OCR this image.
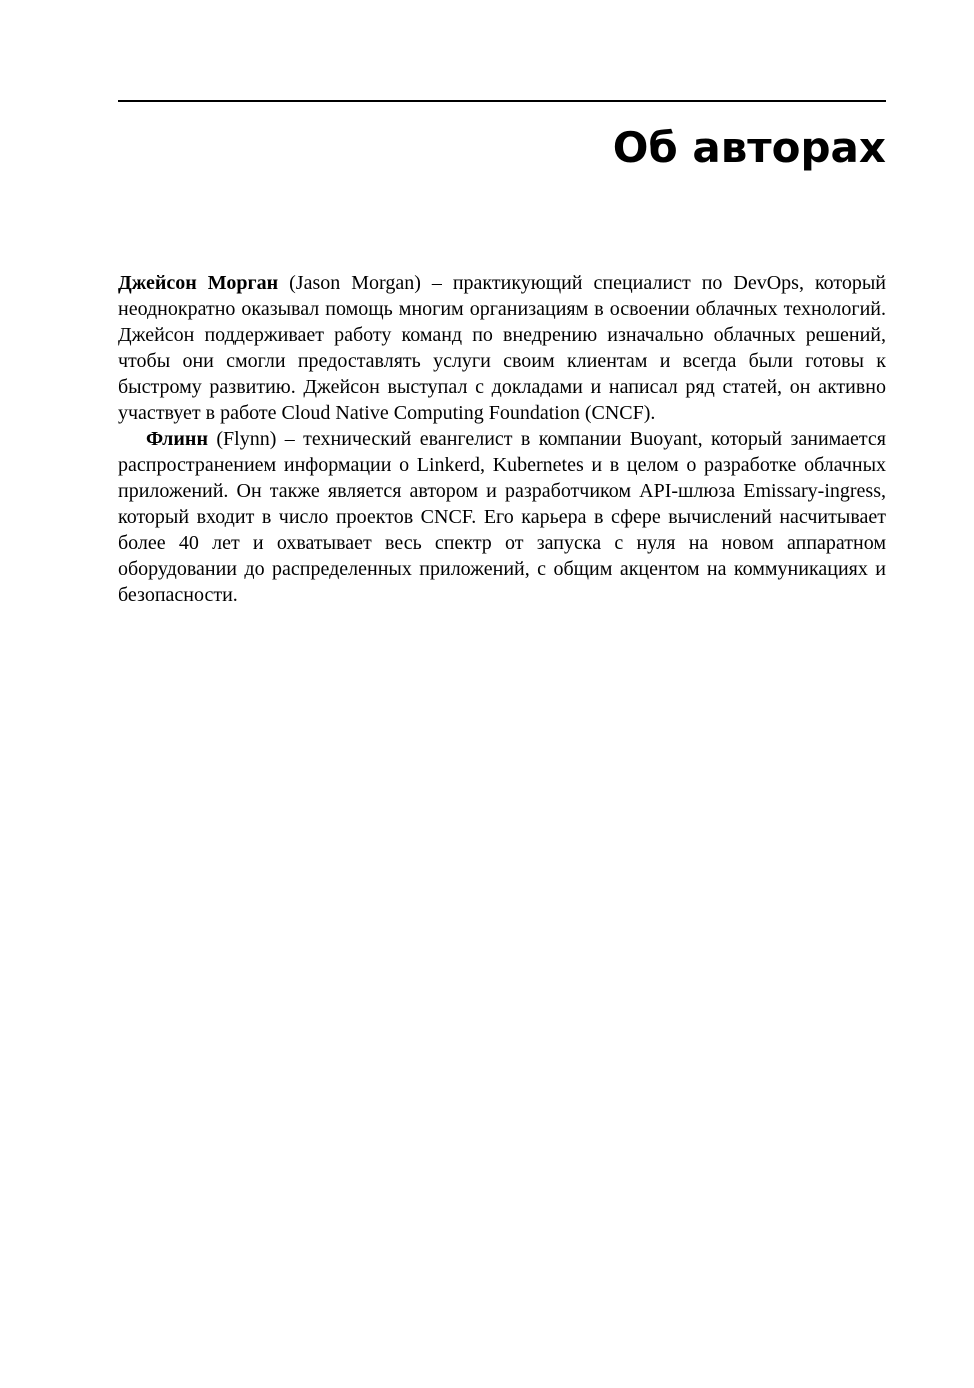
Об авторах

Джейсон Морган (Jason Morgan) – практикующий специалист по DevOps, который неоднократно оказывал помощь многим организациям в освоении облачных технологий. Джейсон поддерживает работу команд по внедрению изначально облачных решений, чтобы они смогли предоставлять услуги своим клиентам и всегда были готовы к быстрому развитию. Джейсон выступал с докладами и написал ряд статей, он активно участвует в работе Cloud Native Computing Foundation (CNCF).

Флинн (Flynn) – технический евангелист в компании Buoyant, который занимается распространением информации о Linkerd, Kubernetes и в целом о разработке облачных приложений. Он также является автором и разработчиком API-шлюза Emissary-ingress, который входит в число проектов CNCF. Его карьера в сфере вычислений насчитывает более 40 лет и охватывает весь спектр от запуска с нуля на новом аппаратном оборудовании до распределенных приложений, с общим акцентом на коммуникациях и безопасности.
